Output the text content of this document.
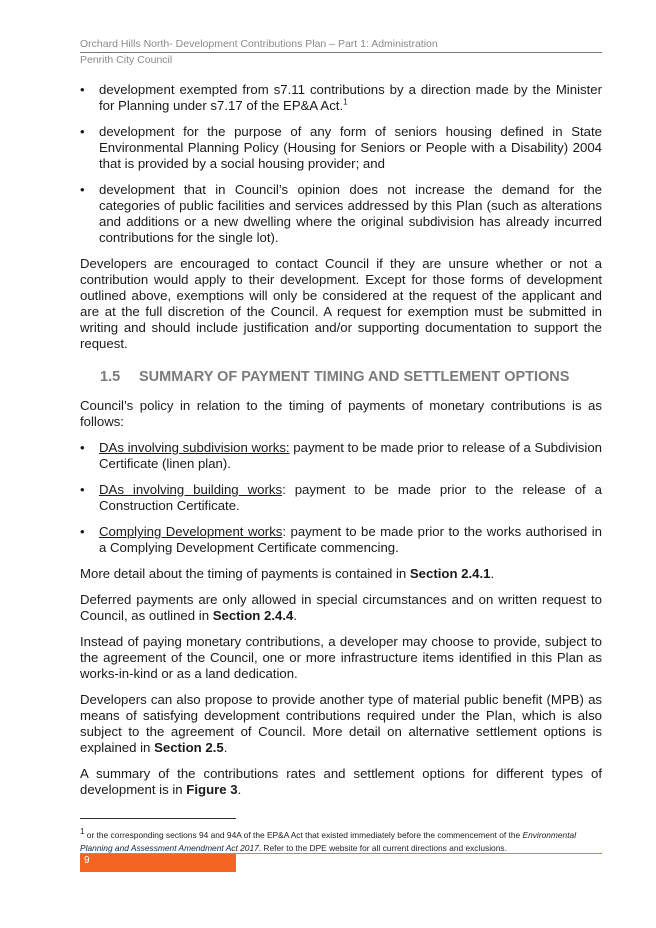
Orchard Hills North- Development Contributions Plan – Part 1: Administration
Penrith City Council
• development exempted from s7.11 contributions by a direction made by the Minister for Planning under s7.17 of the EP&A Act.$^1$
• development for the purpose of any form of seniors housing defined in State Environmental Planning Policy (Housing for Seniors or People with a Disability) 2004 that is provided by a social housing provider; and
• development that in Council’s opinion does not increase the demand for the categories of public facilities and services addressed by this Plan (such as alterations and additions or a new dwelling where the original subdivision has already incurred contributions for the single lot).

Developers are encouraged to contact Council if they are unsure whether or not a contribution would apply to their development. Except for those forms of development outlined above, exemptions will only be considered at the request of the applicant and are at the full discretion of the Council. A request for exemption must be submitted in writing and should include justification and/or supporting documentation to support the request.

1.5 SUMMARY OF PAYMENT TIMING AND SETTLEMENT OPTIONS

Council’s policy in relation to the timing of payments of monetary contributions is as follows:

• DAs involving subdivision works: payment to be made prior to release of a Subdivision Certificate (linen plan).
• DAs involving building works: payment to be made prior to the release of a Construction Certificate.
• Complying Development works: payment to be made prior to the works authorised in a Complying Development Certificate commencing.

More detail about the timing of payments is contained in Section 2.4.1.

Deferred payments are only allowed in special circumstances and on written request to Council, as outlined in Section 2.4.4.

Instead of paying monetary contributions, a developer may choose to provide, subject to the agreement of the Council, one or more infrastructure items identified in this Plan as works-in-kind or as a land dedication.

Developers can also propose to provide another type of material public benefit (MPB) as means of satisfying development contributions required under the Plan, which is also subject to the agreement of Council. More detail on alternative settlement options is explained in Section 2.5.

A summary of the contributions rates and settlement options for different types of development is in Figure 3.

$^1$ or the corresponding sections 94 and 94A of the EP&A Act that existed immediately before the commencement of the Environmental Planning and Assessment Amendment Act 2017. Refer to the DPE website for all current directions and exclusions.
9
